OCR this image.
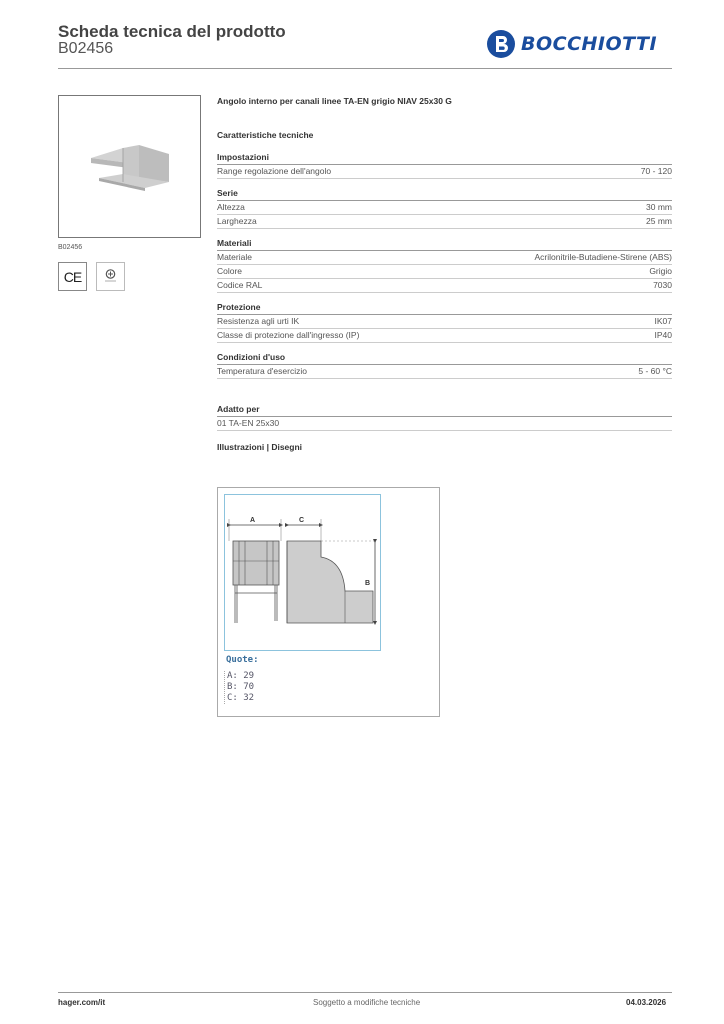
Scheda tecnica del prodotto
B02456	BOCCHIOTTI
B02456
CE
Angolo interno per canali linee TA-EN grigio NIAV 25x30 G
Caratteristiche tecniche
Impostazioni
Range regolazione dell'angolo	70 - 120
Serie
Altezza	30 mm
Larghezza	25 mm
Materiali
Materiale	Acrilonitrile-Butadiene-Stirene (ABS)
Colore	Grigio
Codice RAL	7030
Protezione
Resistenza agli urti IK	IK07
Classe di protezione dall'ingresso (IP)	IP40
Condizioni d'uso
Temperatura d'esercizio	5 - 60 °C
Adatto per
01 TA-EN 25x30
Illustrazioni | Disegni
A	C
B
Quote:
A: 29
B: 70
C: 32
hager.com/it	Soggetto a modifiche tecniche	04.03.2026
